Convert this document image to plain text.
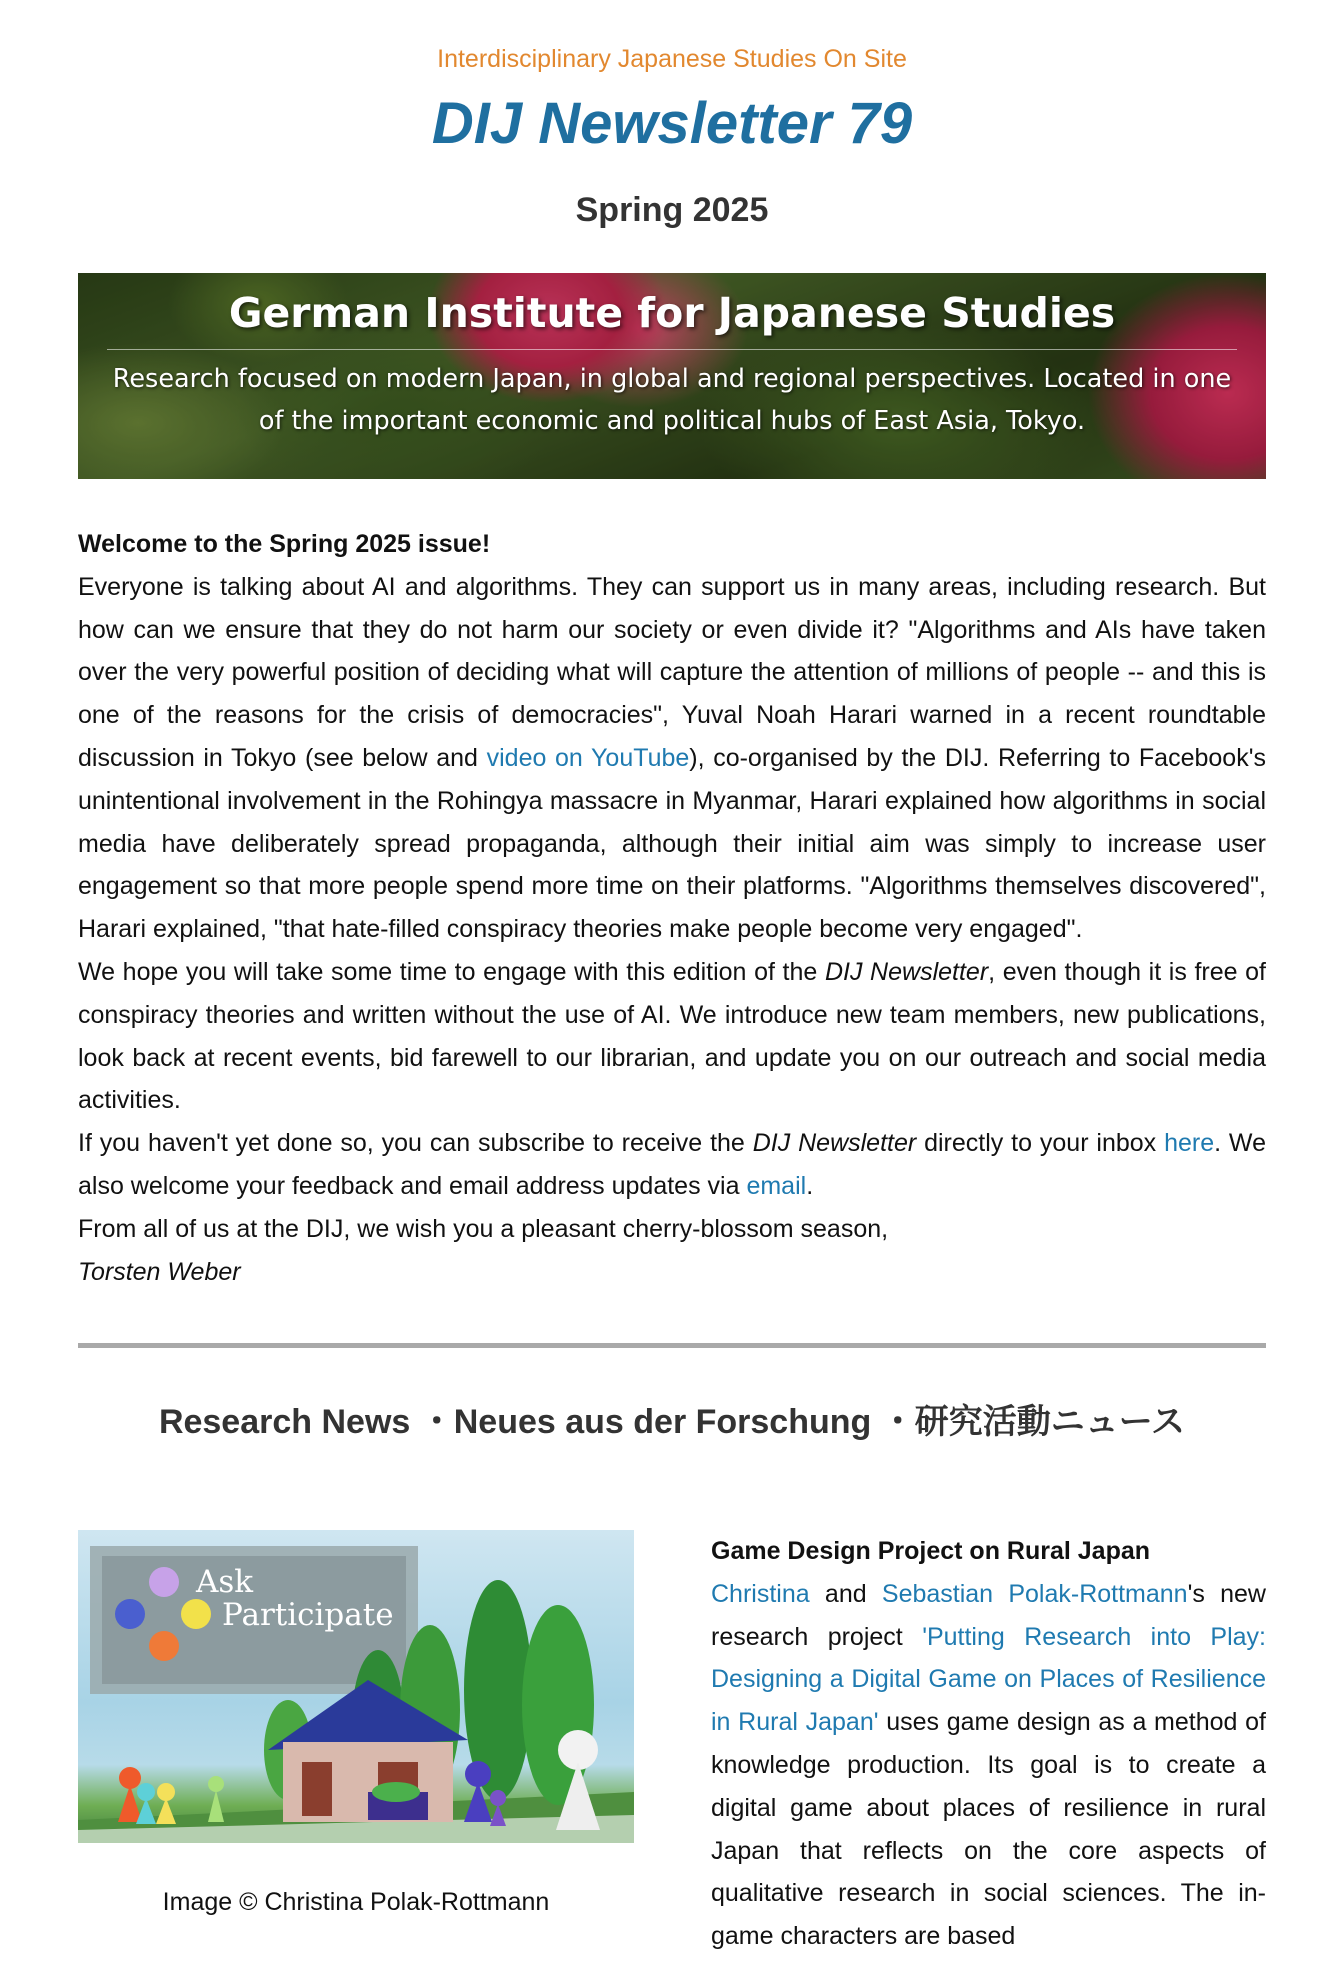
Interdisciplinary Japanese Studies On Site
DIJ Newsletter 79
Spring 2025
German Institute for Japanese Studies
Research focused on modern Japan, in global and regional perspectives. Located in one
of the important economic and political hubs of East Asia, Tokyo.

Welcome to the Spring 2025 issue!

Everyone is talking about AI and algorithms. They can support us in many areas, including research. But how can we ensure that they do not harm our society or even divide it? "Algorithms and AIs have taken over the very powerful position of deciding what will capture the attention of millions of people -- and this is one of the reasons for the crisis of democracies", Yuval Noah Harari warned in a recent roundtable discussion in Tokyo (see below and video on YouTube), co-organised by the DIJ. Referring to Facebook's unintentional involvement in the Rohingya massacre in Myanmar, Harari explained how algorithms in social media have deliberately spread propaganda, although their initial aim was simply to increase user engagement so that more people spend more time on their platforms. "Algorithms themselves discovered", Harari explained, "that hate-filled conspiracy theories make people become very engaged".

We hope you will take some time to engage with this edition of the DIJ Newsletter, even though it is free of conspiracy theories and written without the use of AI. We introduce new team members, new publications, look back at recent events, bid farewell to our librarian, and update you on our outreach and social media activities.

If you haven't yet done so, you can subscribe to receive the DIJ Newsletter directly to your inbox here. We also welcome your feedback and email address updates via email.

From all of us at the DIJ, we wish you a pleasant cherry-blossom season,

Torsten Weber

Research News ・Neues aus der Forschung ・研究活動ニュース
Ask
Participate
Image © Christina Polak-Rottmann

Game Design Project on Rural Japan

Christina and Sebastian Polak-Rottmann's new research project 'Putting Research into Play: Designing a Digital Game on Places of Resilience in Rural Japan' uses game design as a method of knowledge production. Its goal is to create a digital game about places of resilience in rural Japan that reflects on the core aspects of qualitative research in social sciences. The in-game characters are based
